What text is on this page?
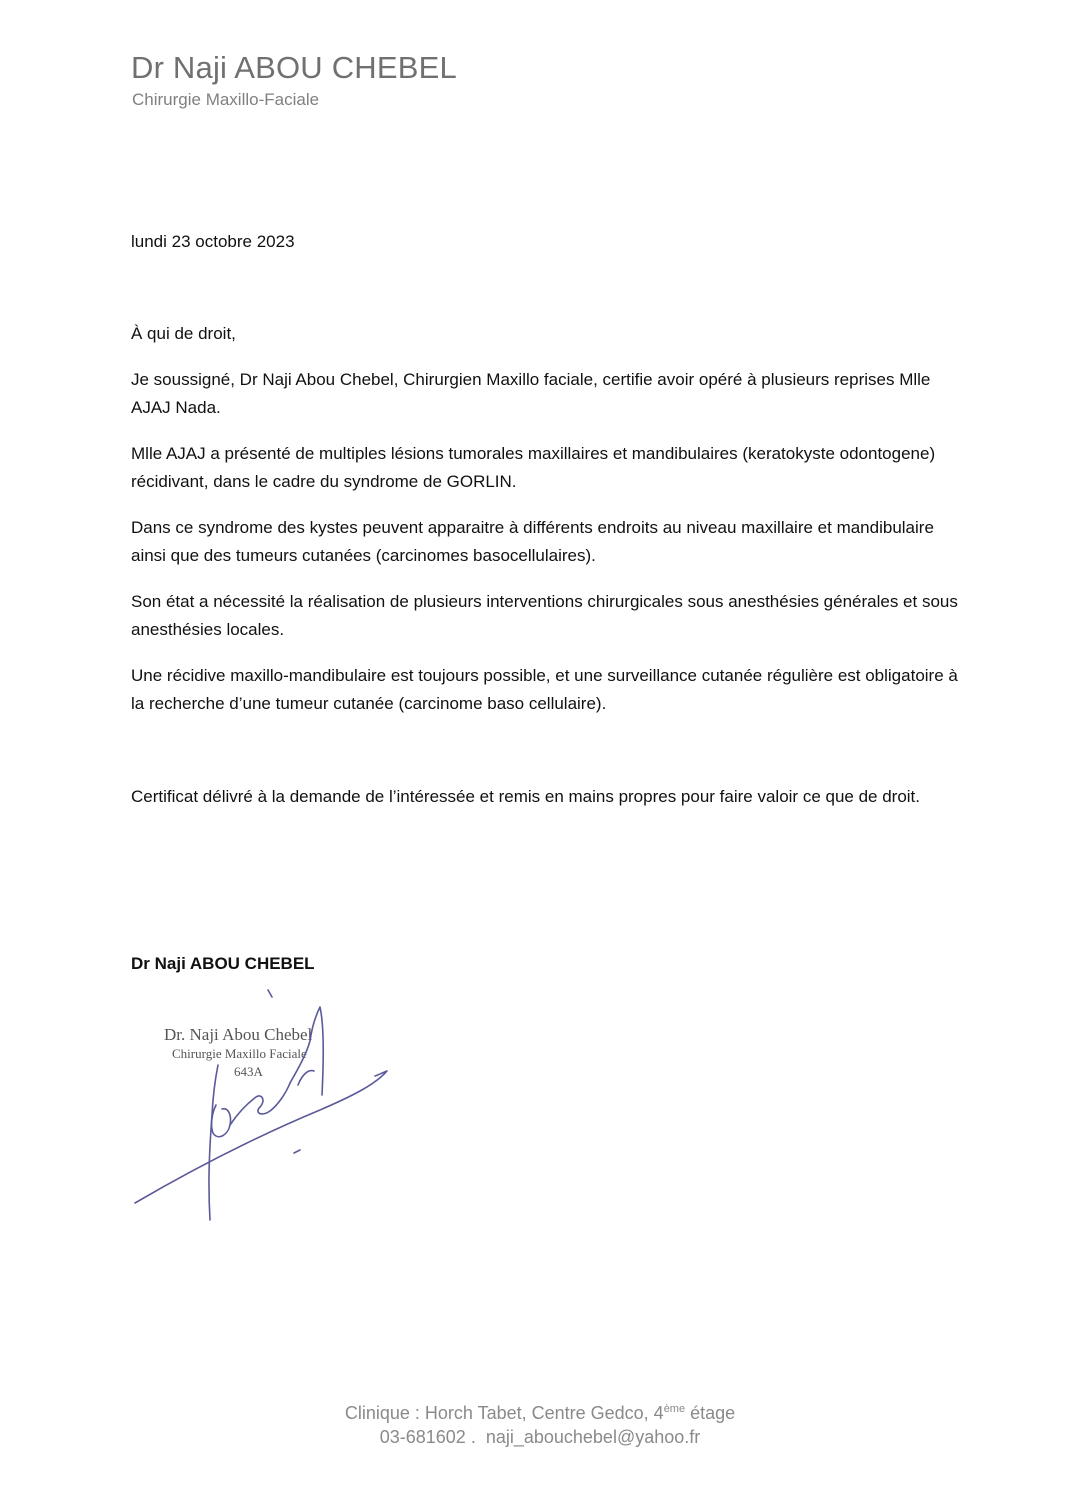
Dr Naji ABOU CHEBEL
Chirurgie Maxillo-Faciale
lundi 23 octobre 2023
À qui de droit,

Je soussigné, Dr Naji Abou Chebel, Chirurgien Maxillo faciale, certifie avoir opéré à plusieurs reprises Mlle AJAJ Nada.

Mlle AJAJ a présenté de multiples lésions tumorales maxillaires et mandibulaires (keratokyste odontogene) récidivant, dans le cadre du syndrome de GORLIN.

Dans ce syndrome des kystes peuvent apparaitre à différents endroits au niveau maxillaire et mandibulaire ainsi que des tumeurs cutanées (carcinomes basocellulaires).

Son état a nécessité la réalisation de plusieurs interventions chirurgicales sous anesthésies générales et sous anesthésies locales.

Une récidive maxillo-mandibulaire est toujours possible, et une surveillance cutanée régulière est obligatoire à la recherche d’une tumeur cutanée (carcinome baso cellulaire).

Certificat délivré à la demande de l’intéressée et remis en mains propres pour faire valoir ce que de droit.

Dr Naji ABOU CHEBEL
Dr. Naji Abou Chebel
Chirurgie Maxillo Faciale
643A
Clinique : Horch Tabet, Centre Gedco, 4ème étage
03-681602 .  naji_abouchebel@yahoo.fr
